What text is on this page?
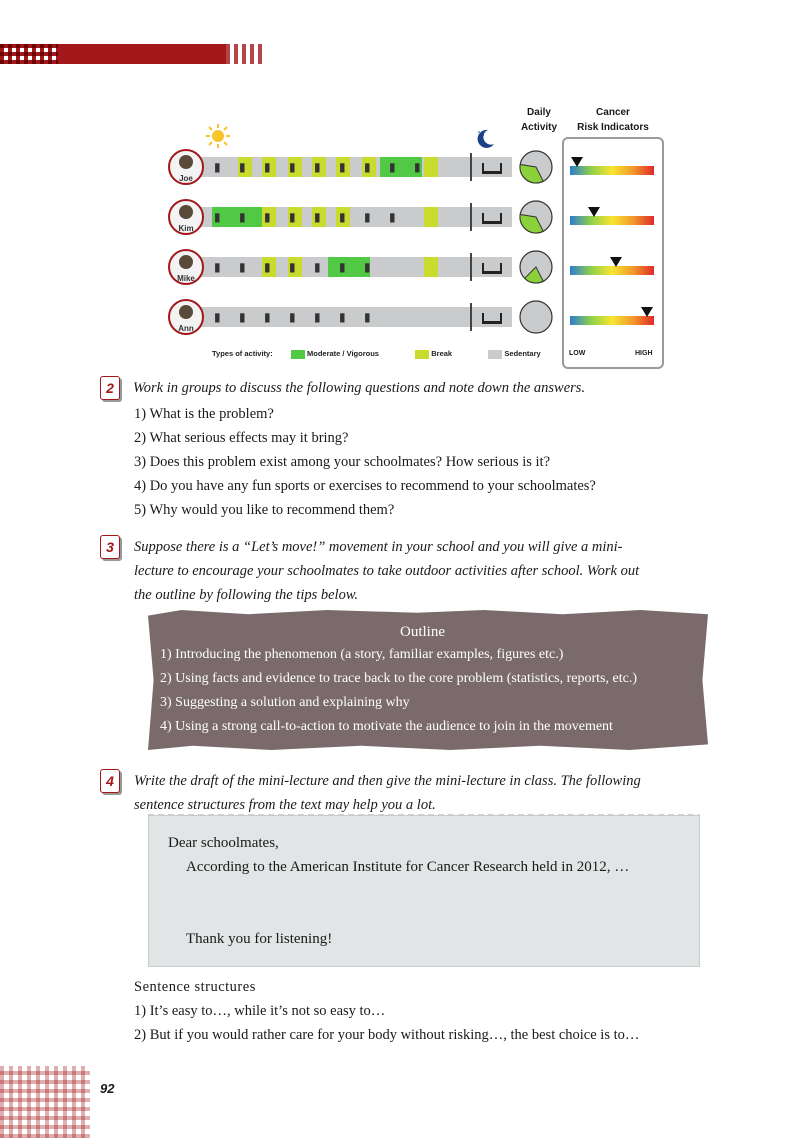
Daily
Activity
Cancer
Risk Indicators
Joe
▮ ▮ ▮ ▮ ▮ ▮ ▮ ▮ ▮
Kim
▮ ▮ ▮ ▮ ▮ ▮ ▮ ▮
Mike
▮ ▮ ▮ ▮ ▮ ▮ ▮
Ann
▮ ▮ ▮ ▮ ▮ ▮ ▮
LOW	HIGH
Types of activity:	Moderate / Vigorous	Break	Sedentary
2	Work in groups to discuss the following questions and note down the answers.
1) What is the problem?
2) What serious effects may it bring?
3) Does this problem exist among your schoolmates? How serious is it?
4) Do you have any fun sports or exercises to recommend to your schoolmates?
5) Why would you like to recommend them?
3	Suppose there is a “Let’s move!” movement in your school and you will give a mini-
lecture to encourage your schoolmates to take outdoor activities after school. Work out
the outline by following the tips below.
Outline
1) Introducing the phenomenon (a story, familiar examples, figures etc.)
2) Using facts and evidence to trace back to the core problem (statistics, reports, etc.)
3) Suggesting a solution and explaining why
4) Using a strong call-to-action to motivate the audience to join in the movement
4	Write the draft of the mini-lecture and then give the mini-lecture in class. The following
sentence structures from the text may help you a lot.
Dear schoolmates,
According to the American Institute for Cancer Research held in 2012, …
Thank you for listening!
Sentence structures
1) It’s easy to…, while it’s not so easy to…
2) But if you would rather care for your body without risking…, the best choice is to…
92
